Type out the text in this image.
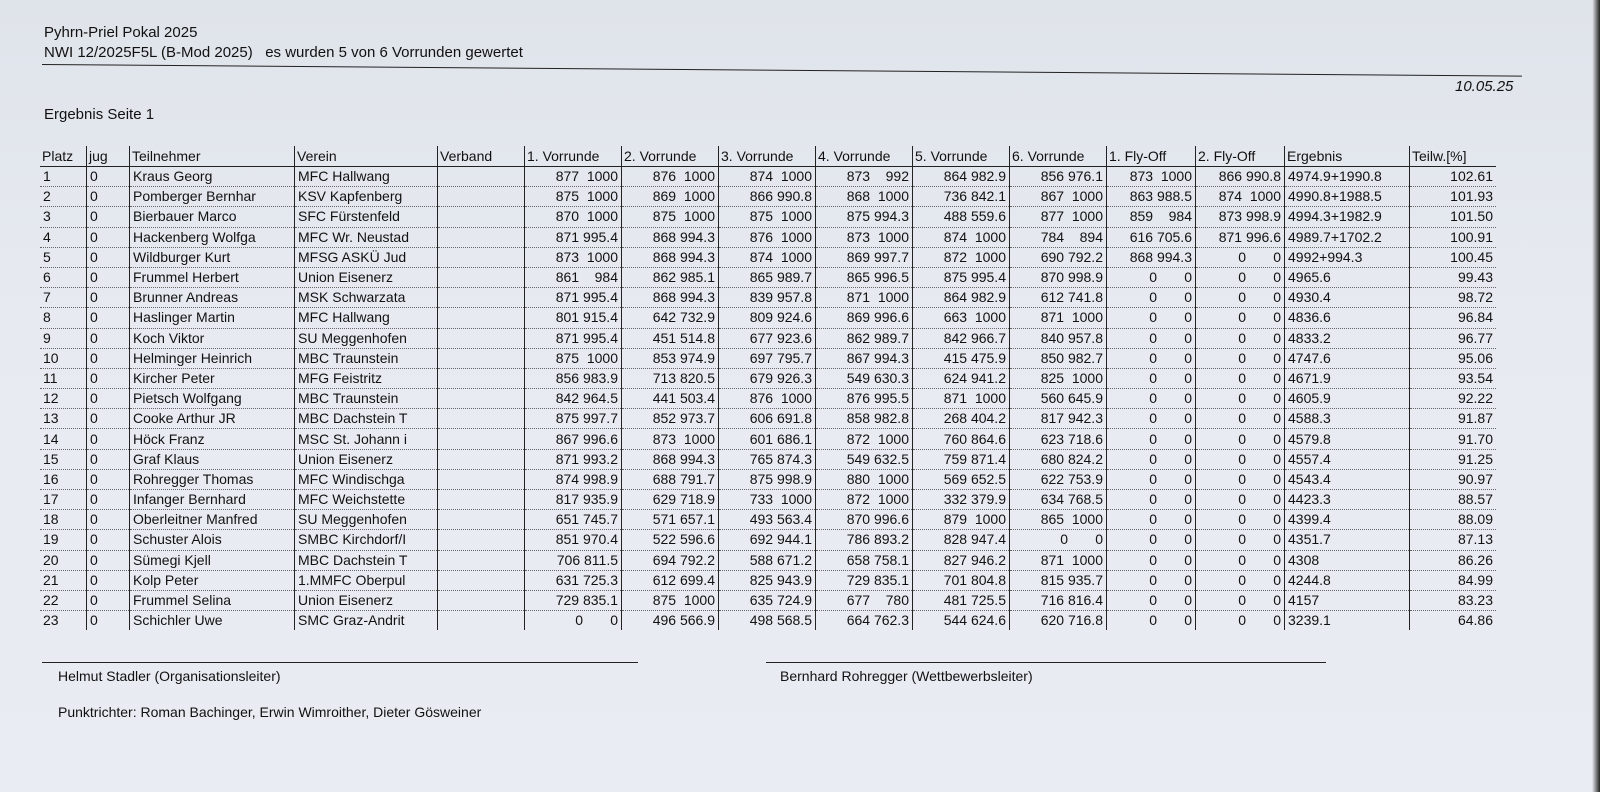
Pyhrn-Priel Pokal 2025
NWI 12/2025F5L (B-Mod 2025)   es wurden 5 von 6 Vorrunden gewertet
10.05.25
Ergebnis Seite 1
Platz	jug	Teilnehmer	Verein	Verband	1. Vorrunde	2. Vorrunde	3. Vorrunde	4. Vorrunde	5. Vorrunde	6. Vorrunde	1. Fly-Off	2. Fly-Off	Ergebnis	Teilw.[%]
1	0	Kraus Georg	MFC Hallwang		877  1000	876  1000	874  1000	873    992	864 982.9	856 976.1	873  1000	866 990.8	4974.9+1990.8	102.61
2	0	Pomberger Bernhar	KSV Kapfenberg		875  1000	869  1000	866 990.8	868  1000	736 842.1	867  1000	863 988.5	874  1000	4990.8+1988.5	101.93
3	0	Bierbauer Marco	SFC Fürstenfeld		870  1000	875  1000	875  1000	875 994.3	488 559.6	877  1000	859    984	873 998.9	4994.3+1982.9	101.50
4	0	Hackenberg Wolfga	MFC Wr. Neustad		871 995.4	868 994.3	876  1000	873  1000	874  1000	784    894	616 705.6	871 996.6	4989.7+1702.2	100.91
5	0	Wildburger Kurt	MFSG ASKÜ Jud		873  1000	868 994.3	874  1000	869 997.7	872  1000	690 792.2	868 994.3	0       0	4992+994.3	100.45
6	0	Frummel Herbert	Union Eisenerz		861    984	862 985.1	865 989.7	865 996.5	875 995.4	870 998.9	0       0	0       0	4965.6	99.43
7	0	Brunner Andreas	MSK Schwarzata		871 995.4	868 994.3	839 957.8	871  1000	864 982.9	612 741.8	0       0	0       0	4930.4	98.72
8	0	Haslinger Martin	MFC Hallwang		801 915.4	642 732.9	809 924.6	869 996.6	663  1000	871  1000	0       0	0       0	4836.6	96.84
9	0	Koch Viktor	SU Meggenhofen		871 995.4	451 514.8	677 923.6	862 989.7	842 966.7	840 957.8	0       0	0       0	4833.2	96.77
10	0	Helminger Heinrich	MBC Traunstein		875  1000	853 974.9	697 795.7	867 994.3	415 475.9	850 982.7	0       0	0       0	4747.6	95.06
11	0	Kircher Peter	MFG Feistritz		856 983.9	713 820.5	679 926.3	549 630.3	624 941.2	825  1000	0       0	0       0	4671.9	93.54
12	0	Pietsch Wolfgang	MBC Traunstein		842 964.5	441 503.4	876  1000	876 995.5	871  1000	560 645.9	0       0	0       0	4605.9	92.22
13	0	Cooke Arthur JR	MBC Dachstein T		875 997.7	852 973.7	606 691.8	858 982.8	268 404.2	817 942.3	0       0	0       0	4588.3	91.87
14	0	Höck Franz	MSC St. Johann i		867 996.6	873  1000	601 686.1	872  1000	760 864.6	623 718.6	0       0	0       0	4579.8	91.70
15	0	Graf Klaus	Union Eisenerz		871 993.2	868 994.3	765 874.3	549 632.5	759 871.4	680 824.2	0       0	0       0	4557.4	91.25
16	0	Rohregger Thomas	MFC Windischga		874 998.9	688 791.7	875 998.9	880  1000	569 652.5	622 753.9	0       0	0       0	4543.4	90.97
17	0	Infanger Bernhard	MFC Weichstette		817 935.9	629 718.9	733  1000	872  1000	332 379.9	634 768.5	0       0	0       0	4423.3	88.57
18	0	Oberleitner Manfred	SU Meggenhofen		651 745.7	571 657.1	493 563.4	870 996.6	879  1000	865  1000	0       0	0       0	4399.4	88.09
19	0	Schuster Alois	SMBC Kirchdorf/I		851 970.4	522 596.6	692 944.1	786 893.2	828 947.4	0       0	0       0	0       0	4351.7	87.13
20	0	Sümegi Kjell	MBC Dachstein T		706 811.5	694 792.2	588 671.2	658 758.1	827 946.2	871  1000	0       0	0       0	4308	86.26
21	0	Kolp Peter	1.MMFC Oberpul		631 725.3	612 699.4	825 943.9	729 835.1	701 804.8	815 935.7	0       0	0       0	4244.8	84.99
22	0	Frummel Selina	Union Eisenerz		729 835.1	875  1000	635 724.9	677    780	481 725.5	716 816.4	0       0	0       0	4157	83.23
23	0	Schichler Uwe	SMC Graz-Andrit		0       0	496 566.9	498 568.5	664 762.3	544 624.6	620 716.8	0       0	0       0	3239.1	64.86
Helmut Stadler (Organisationsleiter)	Bernhard Rohregger (Wettbewerbsleiter)
Punktrichter: Roman Bachinger, Erwin Wimroither, Dieter Gösweiner
